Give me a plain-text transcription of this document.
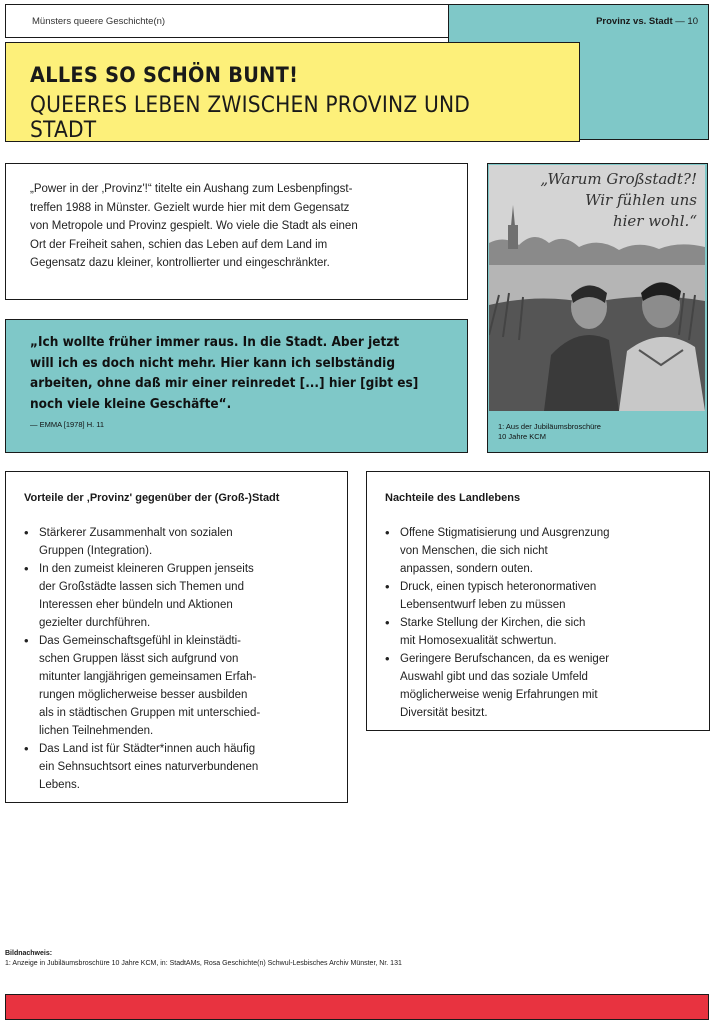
Münsters queere Geschichte(n)	Provinz vs. Stadt — 10
ALLES SO SCHÖN BUNT!
QUEERES LEBEN ZWISCHEN PROVINZ UND STADT
„Power in der ‚Provinz'!“ titelte ein Aushang zum Lesbenpfingst-
treffen 1988 in Münster. Gezielt wurde hier mit dem Gegensatz
von Metropole und Provinz gespielt. Wo viele die Stadt als einen
Ort der Freiheit sahen, schien das Leben auf dem Land im
Gegensatz dazu kleiner, kontrollierter und eingeschränkter.
„Ich wollte früher immer raus. In die Stadt. Aber jetzt
will ich es doch nicht mehr. Hier kann ich selbständig
arbeiten, ohne daß mir einer reinredet [...] hier [gibt es]
noch viele kleine Geschäfte“.
— EMMA [1978] H. 11
„Warum Großstadt?!
Wir fühlen uns
hier wohl.“
1: Aus der Jubiläumsbroschüre
10 Jahre KCM
Vorteile der ‚Provinz' gegenüber der (Groß-)Stadt
• Stärkerer Zusammenhalt von sozialen
Gruppen (Integration).
• In den zumeist kleineren Gruppen jenseits
der Großstädte lassen sich Themen und
Interessen eher bündeln und Aktionen
gezielter durchführen.
• Das Gemeinschaftsgefühl in kleinstädti-
schen Gruppen lässt sich aufgrund von
mitunter langjährigen gemeinsamen Erfah-
rungen möglicherweise besser ausbilden
als in städtischen Gruppen mit unterschied-
lichen Teilnehmenden.
• Das Land ist für Städter*innen auch häufig
ein Sehnsuchtsort eines naturverbundenen
Lebens.
Nachteile des Landlebens
• Offene Stigmatisierung und Ausgrenzung
von Menschen, die sich nicht
anpassen, sondern outen.
• Druck, einen typisch heteronormativen
Lebensentwurf leben zu müssen
• Starke Stellung der Kirchen, die sich
mit Homosexualität schwertun.
• Geringere Berufschancen, da es weniger
Auswahl gibt und das soziale Umfeld
möglicherweise wenig Erfahrungen mit
Diversität besitzt.
Bildnachweis:
1: Anzeige in Jubiläumsbroschüre 10 Jahre KCM, in: StadtAMs, Rosa Geschichte(n) Schwul-Lesbisches Archiv Münster, Nr. 131
